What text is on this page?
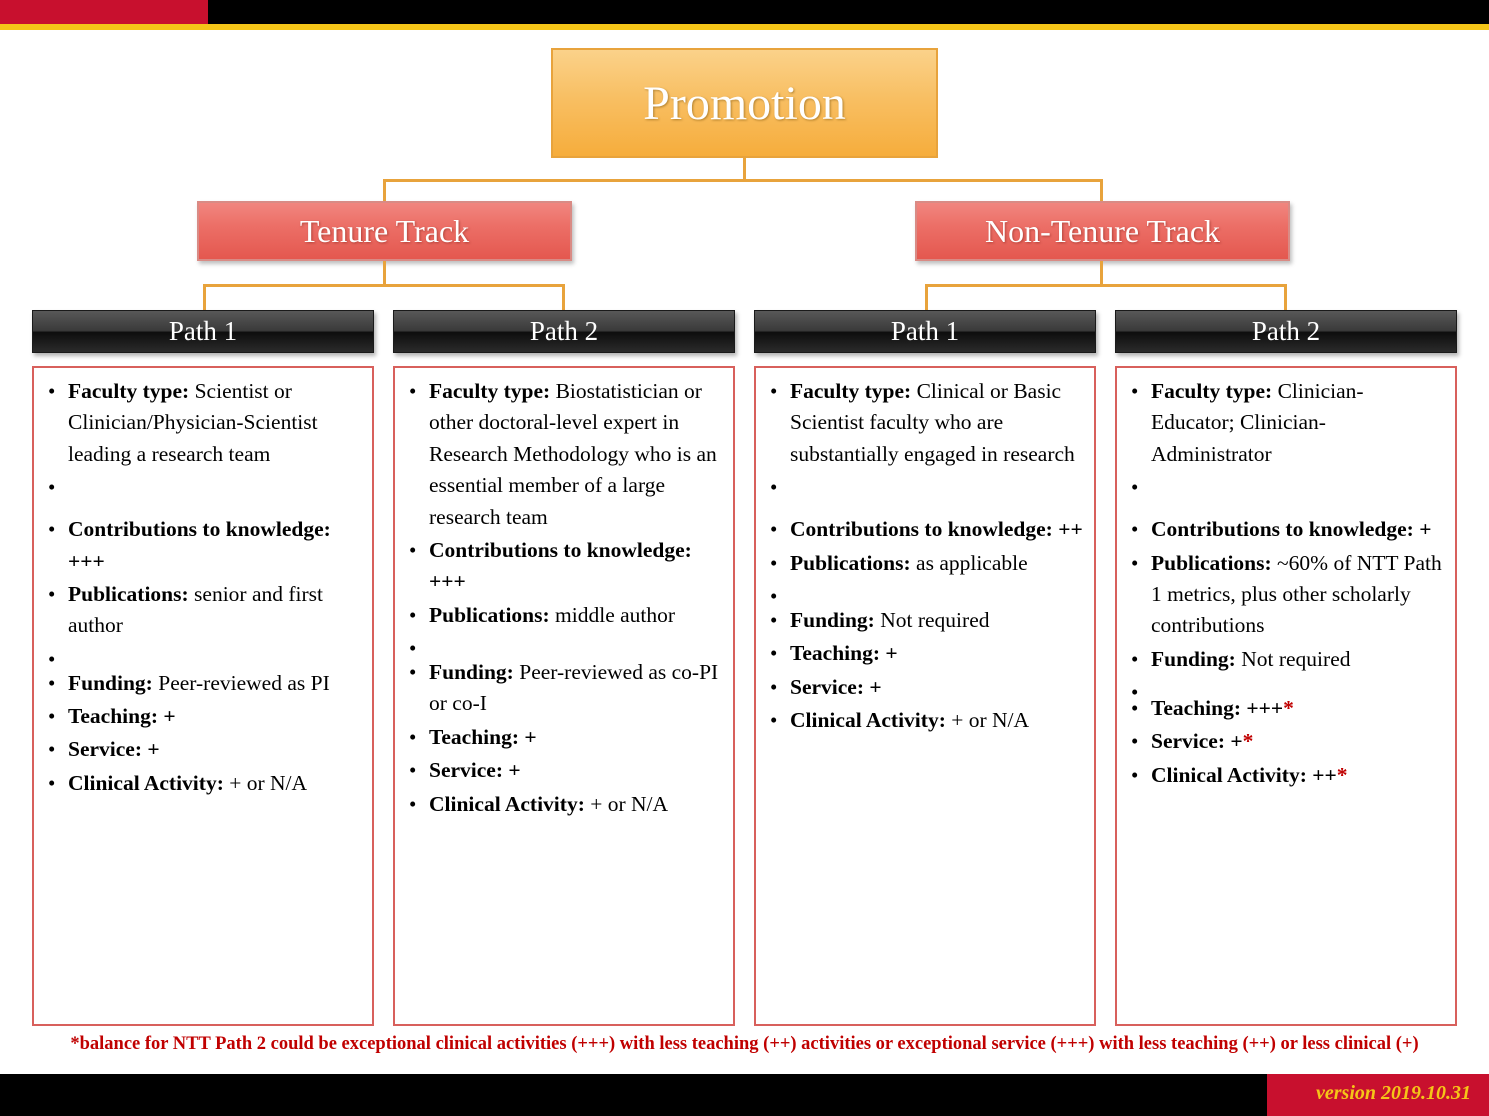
Promotion
Tenure Track	Non-Tenure Track
Path 1	Path 2	Path 1	Path 2
• Faculty type: Scientist or Clinician/Physician-Scientist leading a research team
•
• Contributions to knowledge: +++
• Publications: senior and first author
•
• Funding: Peer-reviewed as PI
• Teaching: +
• Service: +
• Clinical Activity: + or N/A
• Faculty type: Biostatistician or other doctoral-level expert in Research Methodology who is an essential member of a large research team
• Contributions to knowledge: +++
• Publications: middle author
•
• Funding: Peer-reviewed as co-PI or co-I
• Teaching: +
• Service: +
• Clinical Activity: + or N/A
• Faculty type: Clinical or Basic Scientist faculty who are substantially engaged in research
•
• Contributions to knowledge: ++
• Publications: as applicable
•
• Funding: Not required
• Teaching: +
• Service: +
• Clinical Activity: + or N/A
• Faculty type: Clinician-Educator; Clinician-Administrator
•
• Contributions to knowledge: +
• Publications: ~60% of NTT Path 1 metrics, plus other scholarly contributions
• Funding: Not required
•
• Teaching: +++*
• Service: +*
• Clinical Activity: ++*
*balance for NTT Path 2 could be exceptional clinical activities (+++) with less teaching (++) activities or exceptional service (+++) with less teaching (++) or less clinical (+)
version 2019.10.31
